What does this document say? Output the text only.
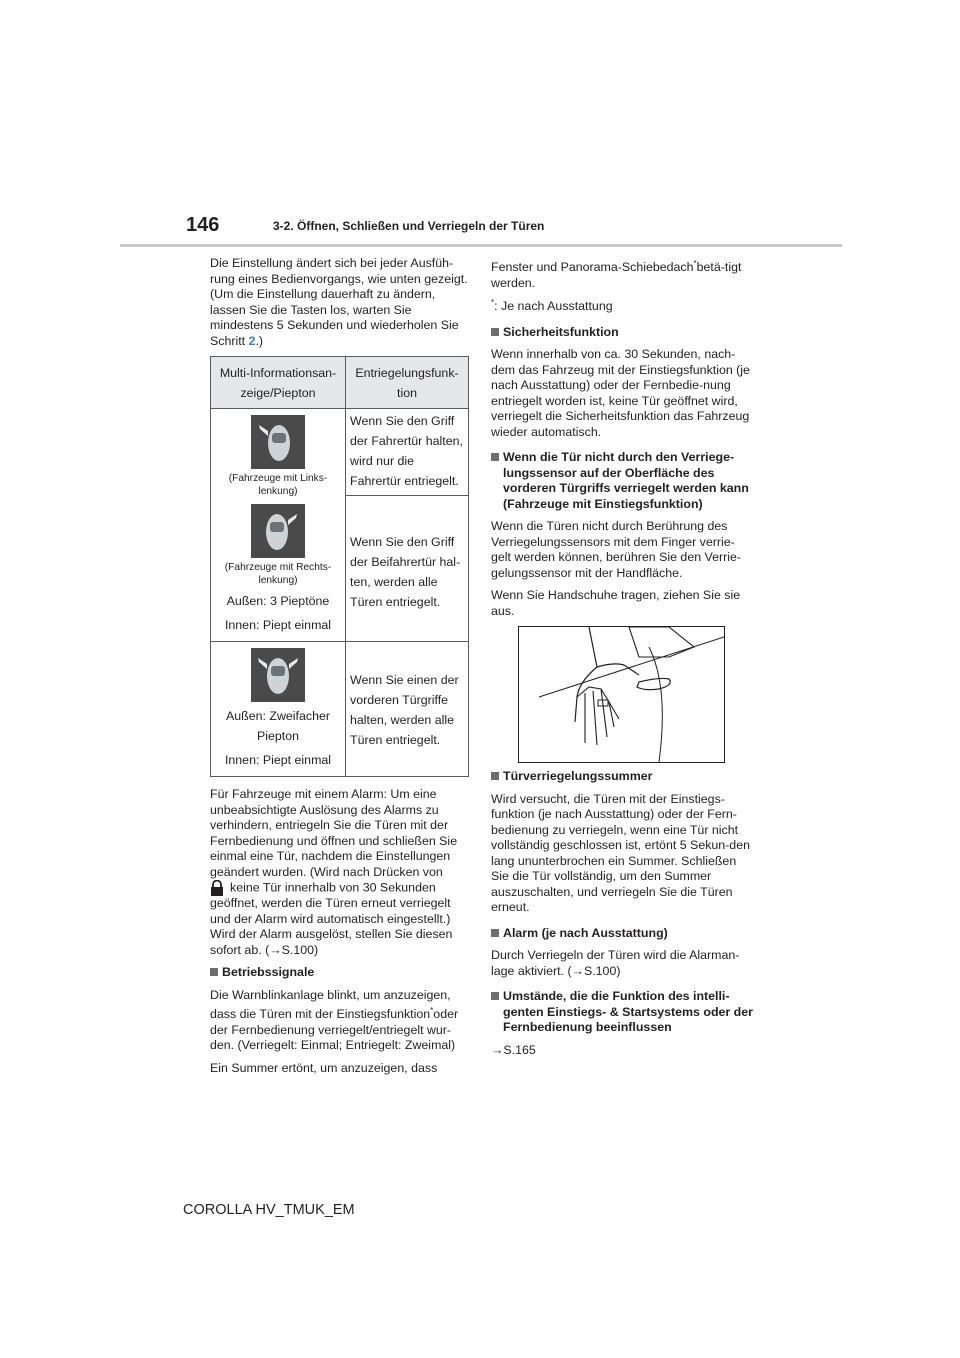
146	3-2. Öffnen, Schließen und Verriegeln der Türen

Die Einstellung ändert sich bei jeder Ausfüh-rung eines Bedienvorgangs, wie unten gezeigt. (Um die Einstellung dauerhaft zu ändern, lassen Sie die Tasten los, warten Sie mindestens 5 Sekunden und wiederholen Sie Schritt 2.)

Multi-Informationsan-zeige/Piepton	Entriegelungsfunk-tion

(Fahrzeuge mit Links-lenkung)
(Fahrzeuge mit Rechts-lenkung)
Außen: 3 Pieptöne
Innen: Piept einmal	Wenn Sie den Griff der Fahrertür halten, wird nur die Fahrertür entriegelt.
	Wenn Sie den Griff der Beifahrertür hal-ten, werden alle Türen entriegelt.

Außen: Zweifacher Piepton
Innen: Piept einmal	Wenn Sie einen der vorderen Türgriffe halten, werden alle Türen entriegelt.

Für Fahrzeuge mit einem Alarm: Um eine unbeabsichtigte Auslösung des Alarms zu verhindern, entriegeln Sie die Türen mit der Fernbedienung und öffnen und schließen Sie einmal eine Tür, nachdem die Einstellungen geändert wurden. (Wird nach Drücken von
keine Tür innerhalb von 30 Sekunden geöffnet, werden die Türen erneut verriegelt und der Alarm wird automatisch eingestellt.) Wird der Alarm ausgelöst, stellen Sie diesen sofort ab. (→S.100)

Betriebssignale

Die Warnblinkanlage blinkt, um anzuzeigen, dass die Türen mit der Einstiegsfunktion*oder der Fernbedienung verriegelt/entriegelt wur-den. (Verriegelt: Einmal; Entriegelt: Zweimal)

Ein Summer ertönt, um anzuzeigen, dass

Fenster und Panorama-Schiebedach*betä-tigt werden.

*: Je nach Ausstattung

Sicherheitsfunktion

Wenn innerhalb von ca. 30 Sekunden, nach-dem das Fahrzeug mit der Einstiegsfunktion (je nach Ausstattung) oder der Fernbedie-nung entriegelt worden ist, keine Tür geöffnet wird, verriegelt die Sicherheitsfunktion das Fahrzeug wieder automatisch.

Wenn die Tür nicht durch den Verriege-lungssensor auf der Oberfläche des vorderen Türgriffs verriegelt werden kann (Fahrzeuge mit Einstiegsfunktion)

Wenn die Türen nicht durch Berührung des Verriegelungssensors mit dem Finger verrie-gelt werden können, berühren Sie den Verrie-gelungssensor mit der Handfläche.

Wenn Sie Handschuhe tragen, ziehen Sie sie aus.

Türverriegelungssummer

Wird versucht, die Türen mit der Einstiegs-funktion (je nach Ausstattung) oder der Fern-bedienung zu verriegeln, wenn eine Tür nicht vollständig geschlossen ist, ertönt 5 Sekun-den lang ununterbrochen ein Summer. Schließen Sie die Tür vollständig, um den Summer auszuschalten, und verriegeln Sie die Türen erneut.

Alarm (je nach Ausstattung)

Durch Verriegeln der Türen wird die Alarman-lage aktiviert. (→S.100)

Umstände, die die Funktion des intelli-genten Einstiegs- & Startsystems oder der Fernbedienung beeinflussen

→S.165

COROLLA HV_TMUK_EM
